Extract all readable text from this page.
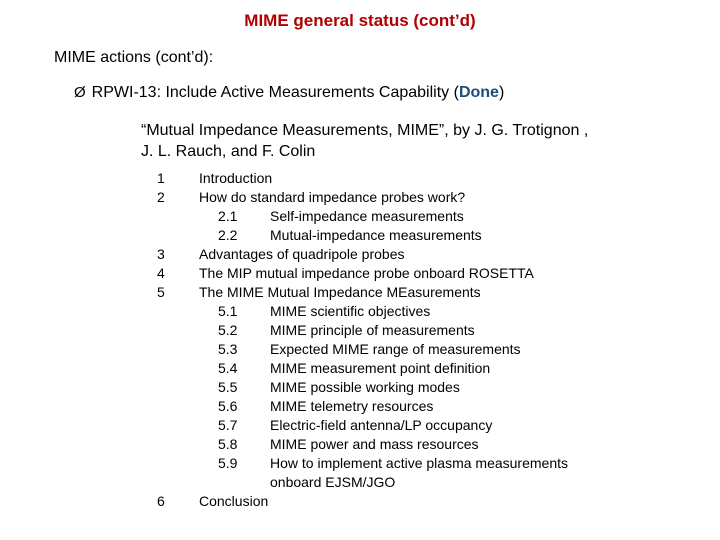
MIME general status (cont’d)
MIME actions (cont’d):
Ø RPWI-13: Include Active Measurements Capability (Done)
“Mutual Impedance Measurements, MIME”, by J. G. Trotignon ,
J. L. Rauch, and F. Colin
1 Introduction
2 How do standard impedance probes work?
2.1 Self-impedance measurements
2.2 Mutual-impedance measurements
3 Advantages of quadripole probes
4 The MIP mutual impedance probe onboard ROSETTA
5 The MIME Mutual Impedance MEasurements
5.1 MIME scientific objectives
5.2 MIME principle of measurements
5.3 Expected MIME range of measurements
5.4 MIME measurement point definition
5.5 MIME possible working modes
5.6 MIME telemetry resources
5.7 Electric-field antenna/LP occupancy
5.8 MIME power and mass resources
5.9 How to implement active plasma measurements
onboard EJSM/JGO
6 Conclusion
